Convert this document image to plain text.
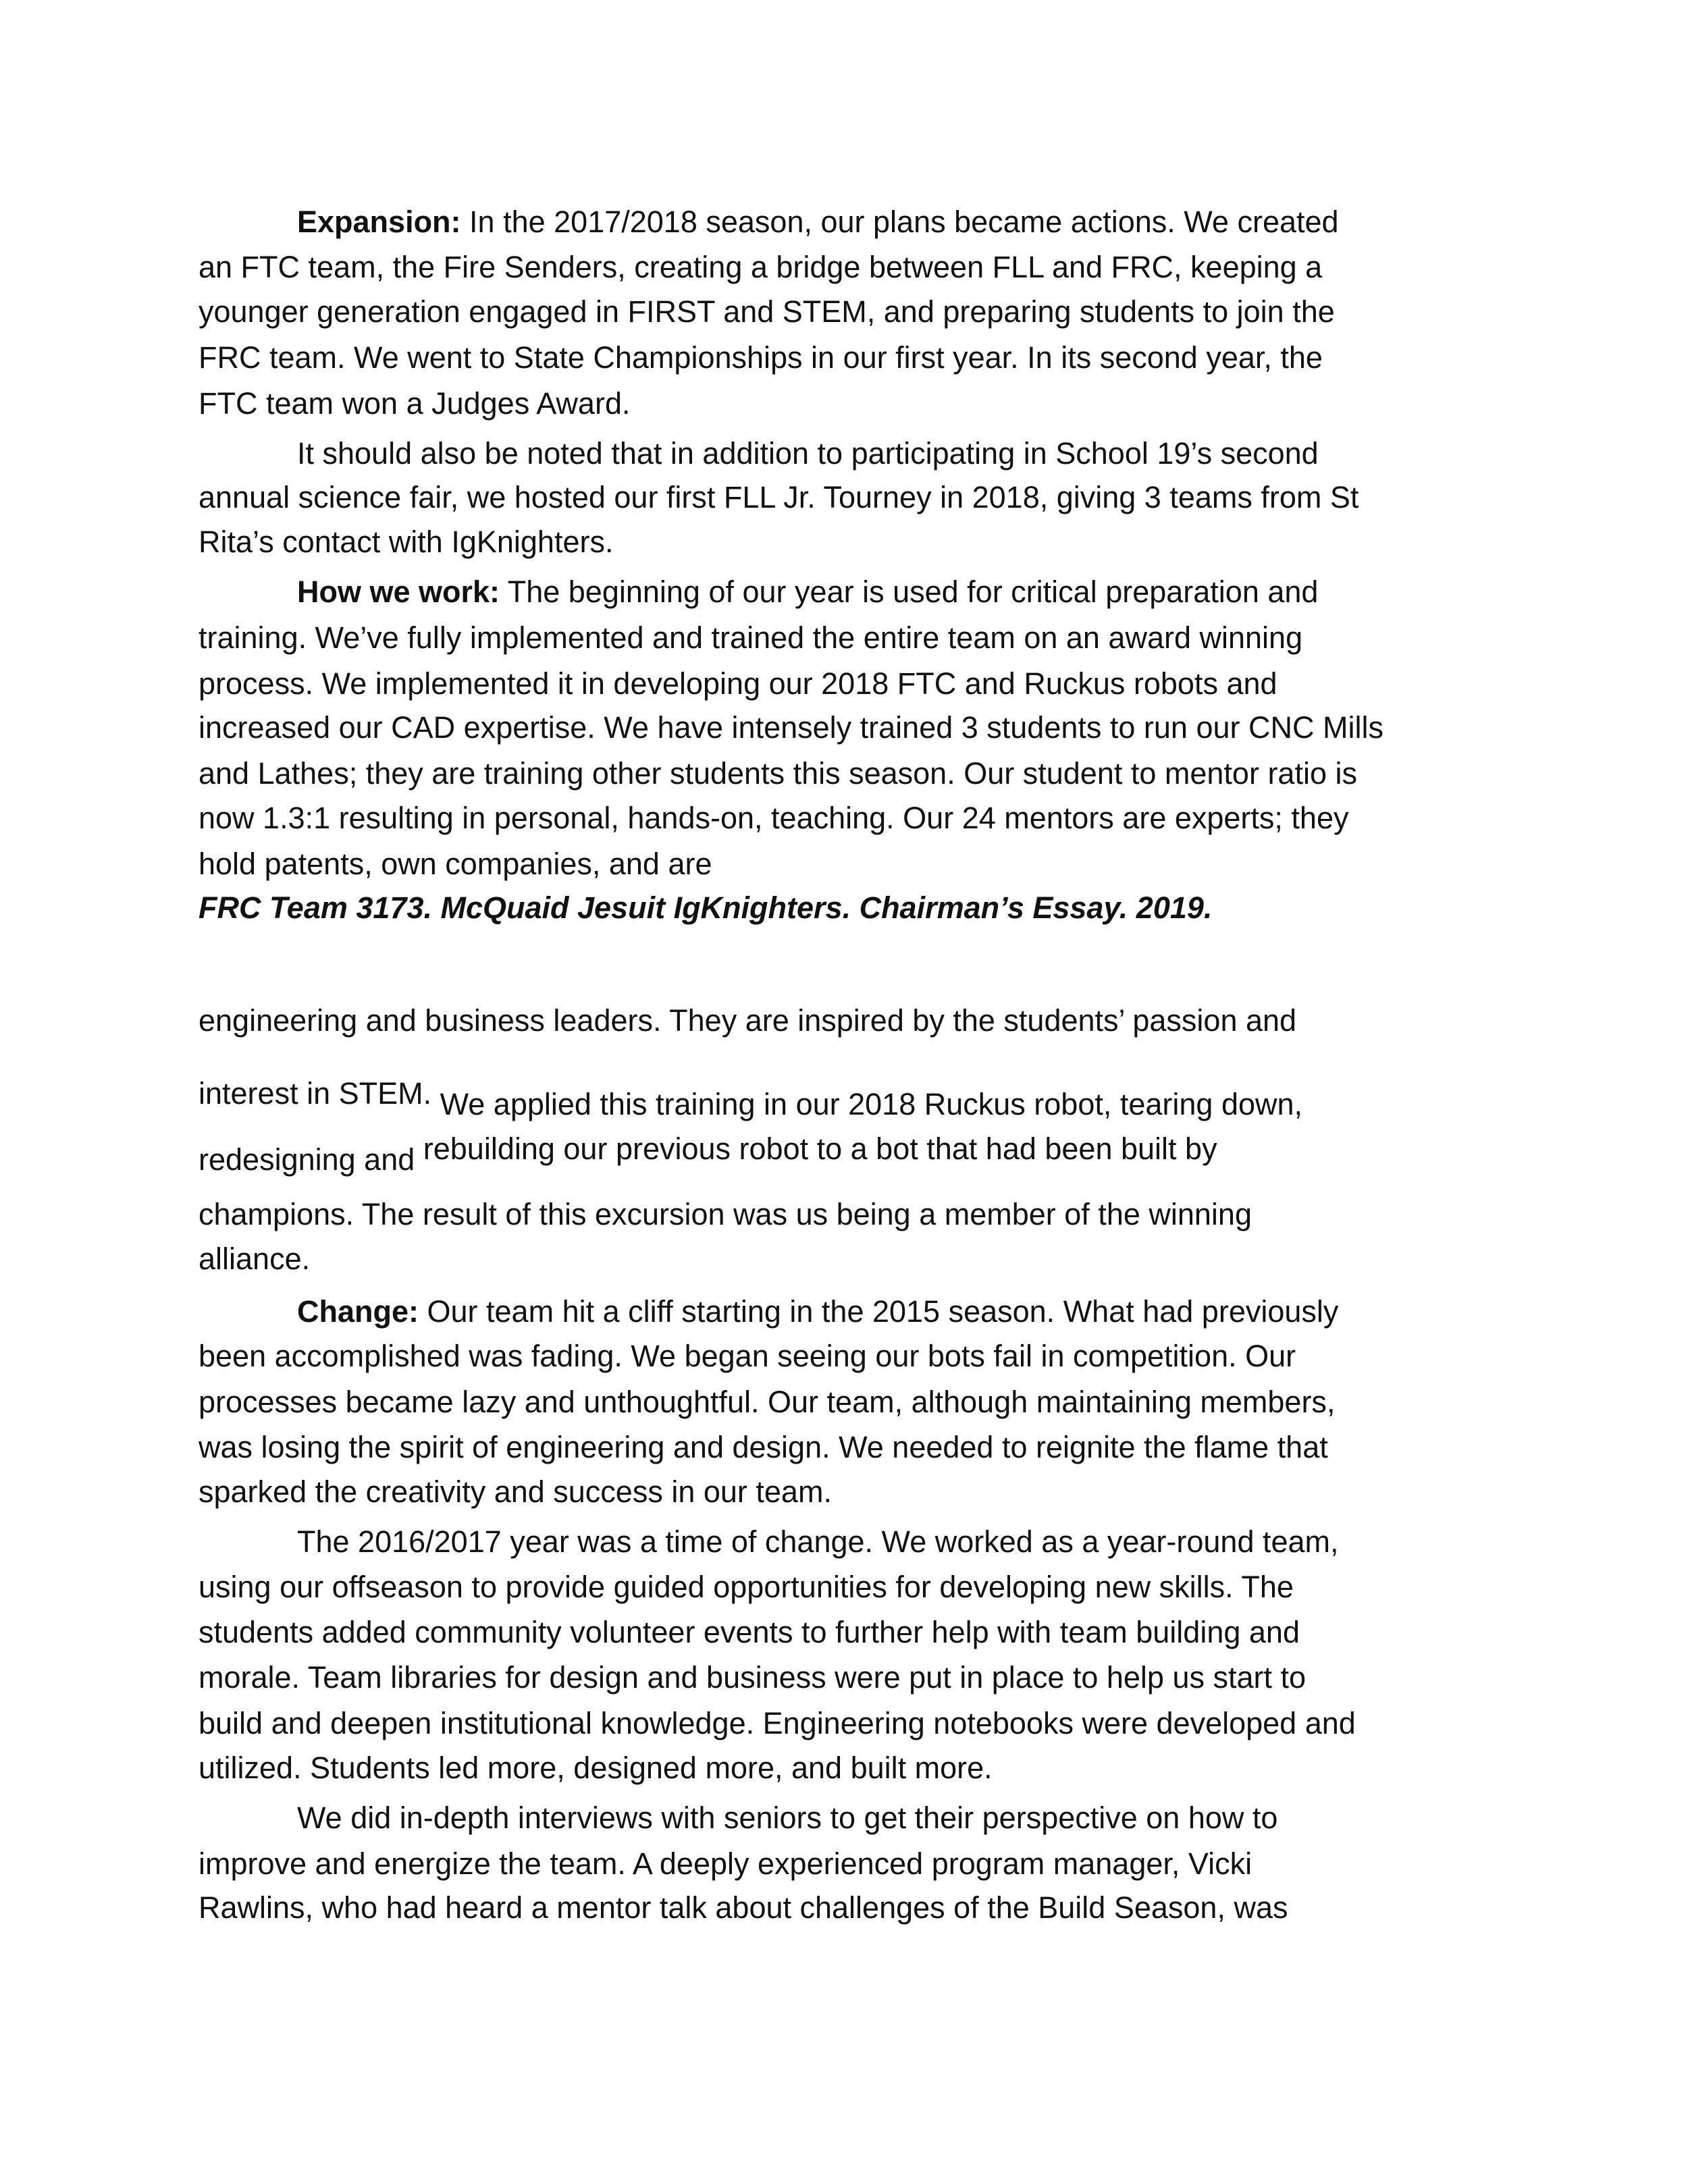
Expansion: In the 2017/2018 season, our plans became actions. We created
an FTC team, the Fire Senders, creating a bridge between FLL and FRC, keeping a
younger generation engaged in FIRST and STEM, and preparing students to join the
FRC team. We went to State Championships in our first year. In its second year, the
FTC team won a Judges Award.
It should also be noted that in addition to participating in School 19’s second
annual science fair, we hosted our first FLL Jr. Tourney in 2018, giving 3 teams from St
Rita’s contact with IgKnighters.
How we work: The beginning of our year is used for critical preparation and
training. We’ve fully implemented and trained the entire team on an award winning
process. We implemented it in developing our 2018 FTC and Ruckus robots and
increased our CAD expertise. We have intensely trained 3 students to run our CNC Mills
and Lathes; they are training other students this season. Our student to mentor ratio is
now 1.3:1 resulting in personal, hands-on, teaching. Our 24 mentors are experts; they
hold patents, own companies, and are
FRC Team 3173. McQuaid Jesuit IgKnighters. Chairman’s Essay. 2019.
engineering and business leaders. They are inspired by the students’ passion and
interest in STEM. We applied this training in our 2018 Ruckus robot, tearing down,
redesigning and rebuilding our previous robot to a bot that had been built by
champions. The result of this excursion was us being a member of the winning
alliance.
Change: Our team hit a cliff starting in the 2015 season. What had previously
been accomplished was fading. We began seeing our bots fail in competition. Our
processes became lazy and unthoughtful. Our team, although maintaining members,
was losing the spirit of engineering and design. We needed to reignite the flame that
sparked the creativity and success in our team.
The 2016/2017 year was a time of change. We worked as a year-round team,
using our offseason to provide guided opportunities for developing new skills. The
students added community volunteer events to further help with team building and
morale. Team libraries for design and business were put in place to help us start to
build and deepen institutional knowledge. Engineering notebooks were developed and
utilized. Students led more, designed more, and built more.
We did in-depth interviews with seniors to get their perspective on how to
improve and energize the team. A deeply experienced program manager, Vicki
Rawlins, who had heard a mentor talk about challenges of the Build Season, was
